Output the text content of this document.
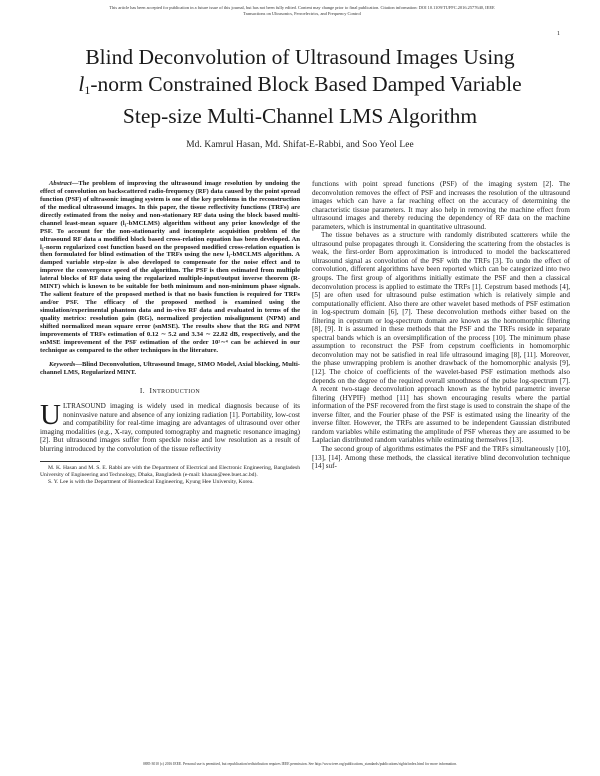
This article has been accepted for publication in a future issue of this journal, but has not been fully edited. Content may change prior to final publication. Citation information: DOI 10.1109/TUFFC.2016.2577640, IEEE
Transactions on Ultrasonics, Ferroelectrics, and Frequency Control
1
Blind Deconvolution of Ultrasound Images Using
$l_1$-norm Constrained Block Based Damped Variable
Step-size Multi-Channel LMS Algorithm
Md. Kamrul Hasan, Md. Shifat-E-Rabbi, and Soo Yeol Lee

Abstract—The problem of improving the ultrasound image resolution by undoing the effect of convolution on backscattered radio-frequency (RF) data caused by the point spread function (PSF) of ultrasonic imaging system is one of the key problems in the reconstruction of the medical ultrasound images. In this paper, the tissue reflectivity functions (TRFs) are directly estimated from the noisy and non-stationary RF data using the block based multi-channel least-mean square (l₁-bMCLMS) algorithm without any prior knowledge of the PSF. To account for the non-stationarity and incomplete acquisition problem of the ultrasound RF data a modified block based cross-relation equation has been developed. An l₁-norm regularized cost function based on the proposed modified cross-relation equation is then formulated for blind estimation of the TRFs using the new l₁-bMCLMS algorithm. A damped variable step-size is also developed to compensate for the noise effect and to improve the convergence speed of the algorithm. The PSF is then estimated from multiple lateral blocks of RF data using the regularized multiple-input/output inverse theorem (R-MINT) which is known to be suitable for both minimum and non-minimum phase signals. The salient feature of the proposed method is that no basis function is required for TRFs and/or PSF. The efficacy of the proposed method is examined using the simulation/experimental phantom data and in-vivo RF data and evaluated in terms of the quality metrics: resolution gain (RG), normalized projection misalignment (NPM) and shifted normalized mean square error (snMSE). The results show that the RG and NPM improvements of TRFs estimation of 0.12 ∼ 5.2 and 3.34 ∼ 22.82 dB, respectively, and the snMSE improvement of the PSF estimation of the order 10²∼⁴ can be achieved in our technique as compared to the other techniques in the literature.

Keywords—Blind Deconvolution, Ultrasound Image, SIMO Model, Axial blocking, Multi-channel LMS, Regularized MINT.

I. INTRODUCTION

ULTRASOUND imaging is widely used in medical diagnosis because of its noninvasive nature and absence of any ionizing radiation [1]. Portability, low-cost and compatibility for real-time imaging are advantages of ultrasound over other imaging modalities (e.g., X-ray, computed tomography and magnetic resonance imaging) [2]. But ultrasound images suffer from speckle noise and low resolution as a result of blurring introduced by the convolution of the tissue reflectivity

M. K. Hasan and M. S. E. Rabbi are with the Department of Electrical and Electronic Engineering, Bangladesh University of Engineering and Technology, Dhaka, Bangladesh (e-mail: khasan@eee.buet.ac.bd).

S. Y. Lee is with the Department of Biomedical Engineering, Kyung Hee University, Korea.

functions with point spread functions (PSF) of the imaging system [2]. The deconvolution removes the effect of PSF and increases the resolution of the ultrasound images which can have a far reaching effect on the accuracy of determining the characteristic tissue parameters. It may also help in removing the machine effect from ultrasound images and thereby reducing the dependency of RF data on the machine parameters, which is instrumental in quantitative ultrasound.

The tissue behaves as a structure with randomly distributed scatterers while the ultrasound pulse propagates through it. Considering the scattering from the obstacles is weak, the first-order Born approximation is introduced to model the backscattered ultrasound signal as convolution of the PSF with the TRFs [3]. To undo the effect of convolution, different algorithms have been reported which can be categorized into two groups. The first group of algorithms initially estimate the PSF and then a classical deconvolution process is applied to estimate the TRFs [1]. Cepstrum based methods [4], [5] are often used for ultrasound pulse estimation which is relatively simple and computationally efficient. Also there are other wavelet based methods of PSF estimation in log-spectrum domain [6], [7]. These deconvolution methods either based on the filtering in cepstrum or log-spectrum domain are known as the homomorphic filtering [8], [9]. It is assumed in these methods that the PSF and the TRFs reside in separate spectral bands which is an oversimplification of the process [10]. The minimum phase assumption to reconstruct the PSF from cepstrum coefficients in homomorphic deconvolution may not be satisfied in real life ultrasound imaging [8], [11]. Moreover, the phase unwrapping problem is another drawback of the homomorphic analysis [9], [12]. The choice of coefficients of the wavelet-based PSF estimation methods also depends on the degree of the required overall smoothness of the pulse log-spectrum [7]. A recent two-stage deconvolution approach known as the hybrid parametric inverse filtering (HYPIF) method [11] has shown encouraging results where the partial information of the PSF recovered from the first stage is used to constrain the shape of the inverse filter, and the Fourier phase of the PSF is estimated using the linearity of the inverse filter. However, the TRFs are assumed to be independent Gaussian distributed random variables while estimating the amplitude of PSF whereas they are assumed to be Laplacian distributed random variables while estimating themselves [13].

The second group of algorithms estimates the PSF and the TRFs simultaneously [10], [13], [14]. Among these methods, the classical iterative blind deconvolution technique [14] suf-

0885-3010 (c) 2016 IEEE. Personal use is permitted, but republication/redistribution requires IEEE permission. See http://www.ieee.org/publications_standards/publications/rights/index.html for more information.
